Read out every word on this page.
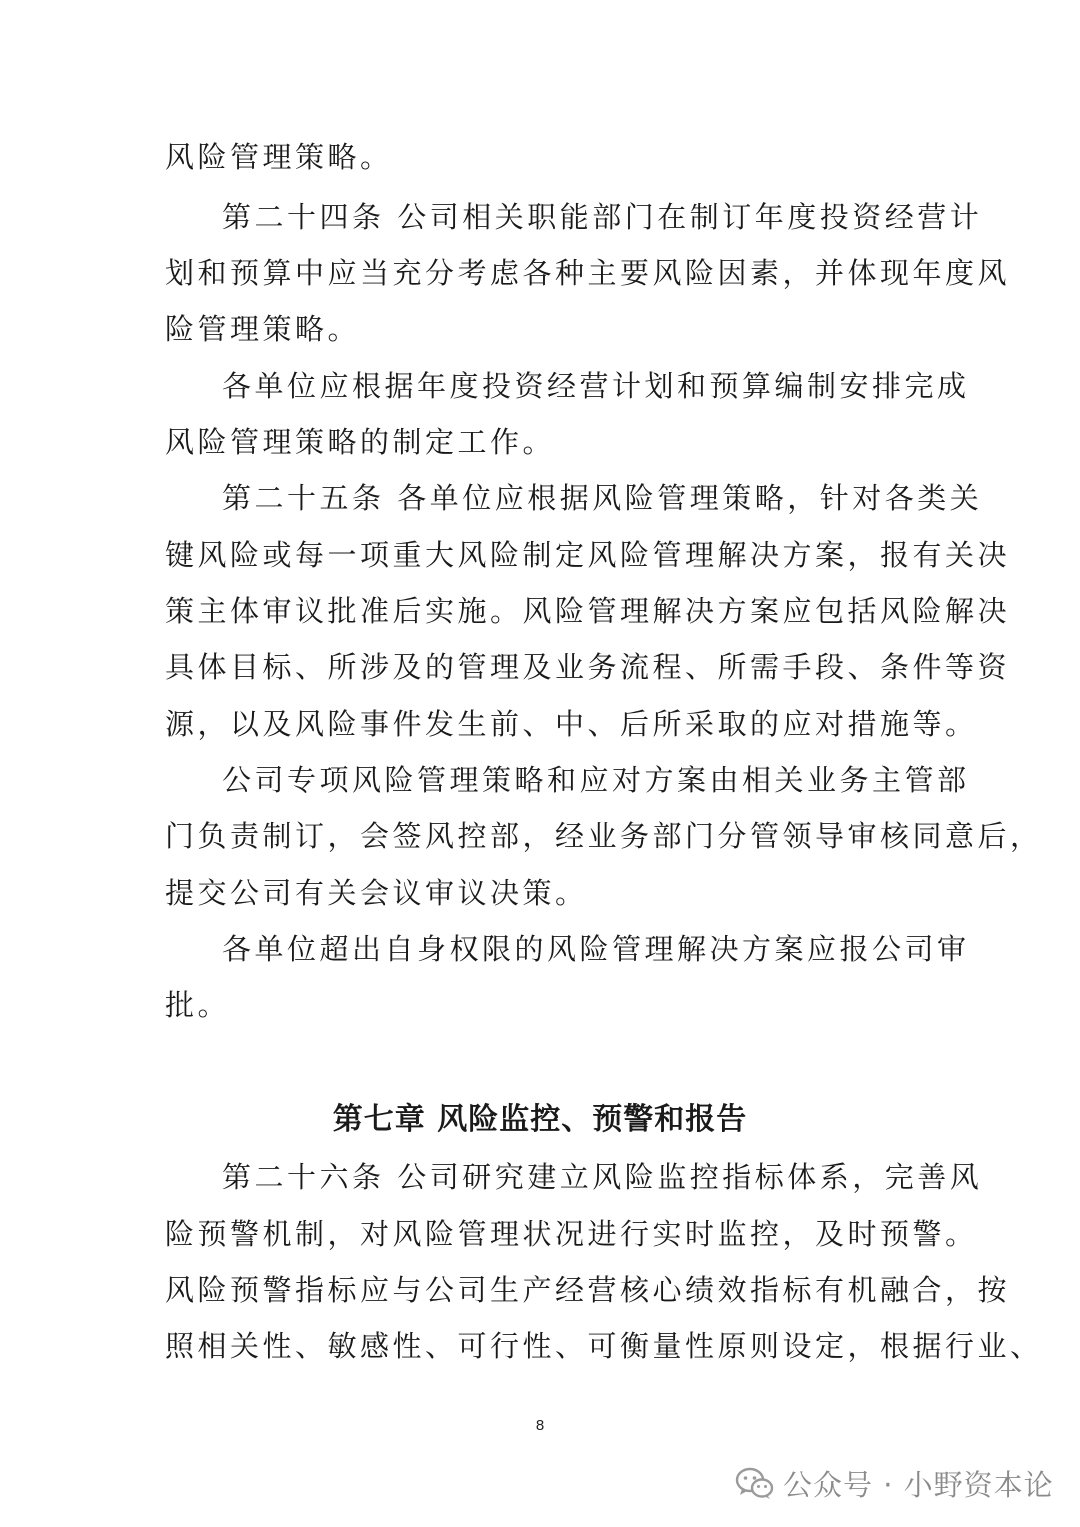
风险管理策略。
第二十四条 公司相关职能部门在制订年度投资经营计
划和预算中应当充分考虑各种主要风险因素，并体现年度风
险管理策略。
各单位应根据年度投资经营计划和预算编制安排完成
风险管理策略的制定工作。
第二十五条 各单位应根据风险管理策略，针对各类关
键风险或每一项重大风险制定风险管理解决方案，报有关决
策主体审议批准后实施。风险管理解决方案应包括风险解决
具体目标、所涉及的管理及业务流程、所需手段、条件等资
源，以及风险事件发生前、中、后所采取的应对措施等。
公司专项风险管理策略和应对方案由相关业务主管部
门负责制订，会签风控部，经业务部门分管领导审核同意后，
提交公司有关会议审议决策。
各单位超出自身权限的风险管理解决方案应报公司审
批。
第七章 风险监控、预警和报告
第二十六条 公司研究建立风险监控指标体系，完善风
险预警机制，对风险管理状况进行实时监控，及时预警。
风险预警指标应与公司生产经营核心绩效指标有机融合，按
照相关性、敏感性、可行性、可衡量性原则设定，根据行业、
8
公众号 · 小野资本论
